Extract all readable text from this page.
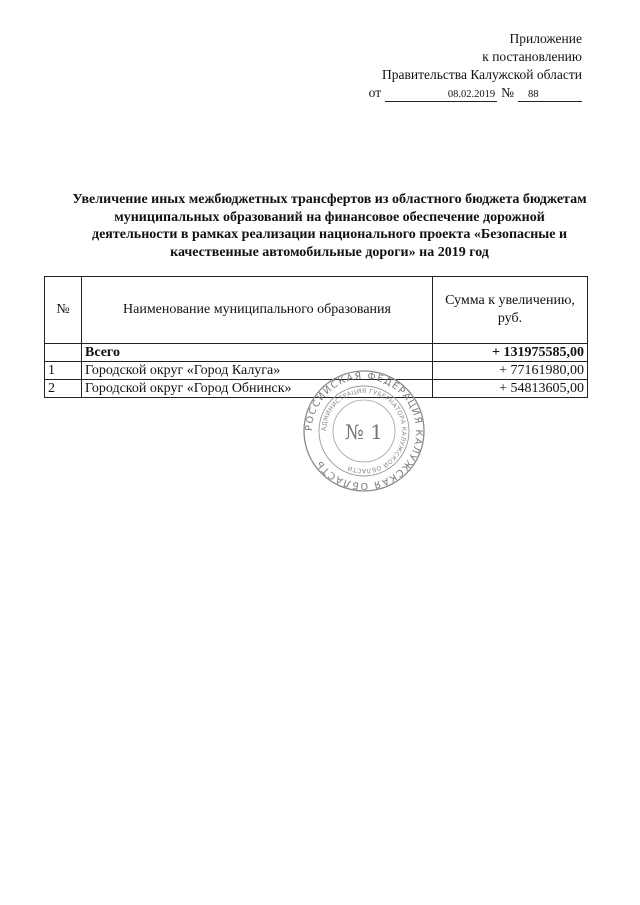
Приложение
к постановлению
Правительства Калужской области
от	08.02.2019 №	88
Увеличение иных межбюджетных трансфертов из областного бюджета бюджетам муниципальных образований на финансовое обеспечение дорожной деятельности в рамках реализации национального проекта «Безопасные и качественные автомобильные дороги» на 2019 год
№	Наименование муниципального образования	Сумма к увеличению, руб.
	Всего	+ 131975585,00
1	Городской округ «Город Калуга»	+ 77161980,00
2	Городской округ «Город Обнинск»	+ 54813605,00
РОССИЙСКАЯ ФЕДЕРАЦИЯ КАЛУЖСКАЯ ОБЛАСТЬ
АДМИНИСТРАЦИЯ ГУБЕРНАТОРА КАЛУЖСКОЙ ОБЛАСТИ
№ 1
